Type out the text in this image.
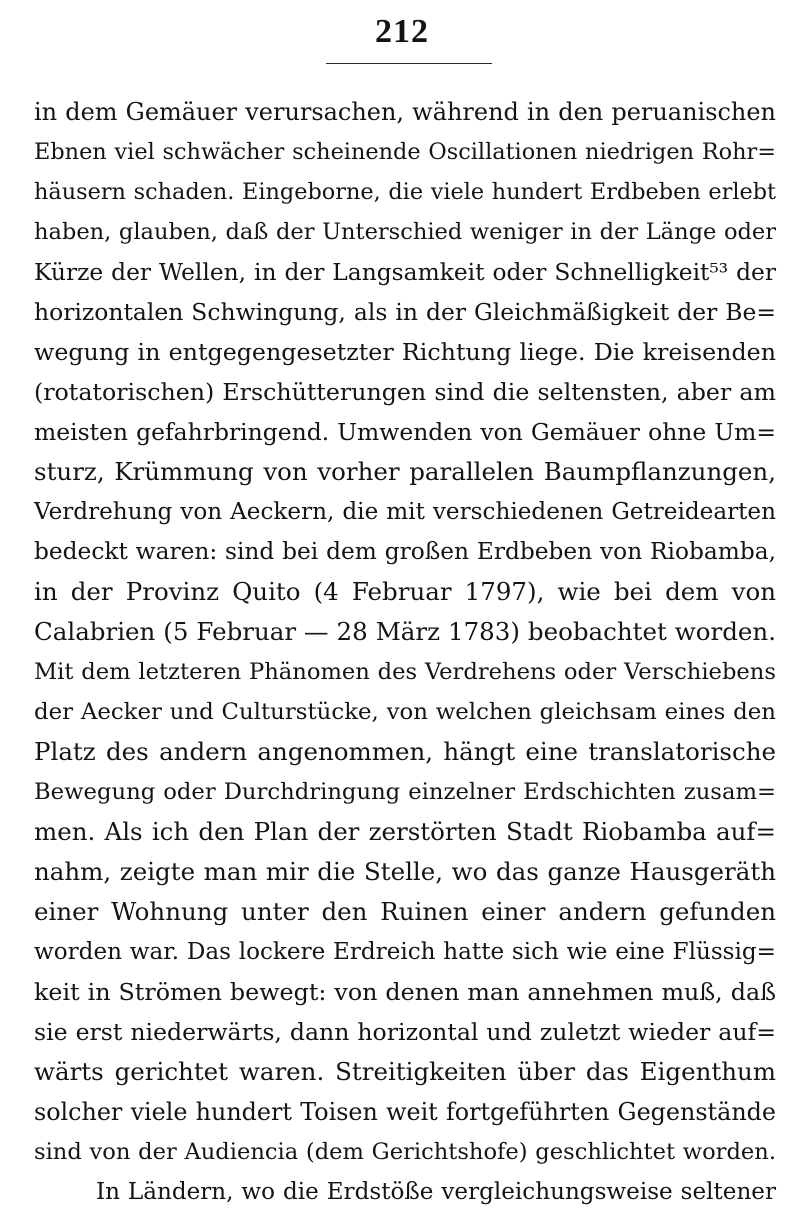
212
in dem Gemäuer verursachen, während in den peruanischen
Ebnen viel schwächer scheinende Oscillationen niedrigen Rohr=
häusern schaden. Eingeborne, die viele hundert Erdbeben erlebt
haben, glauben, daß der Unterschied weniger in der Länge oder
Kürze der Wellen, in der Langsamkeit oder Schnelligkeit⁵³ der
horizontalen Schwingung, als in der Gleichmäßigkeit der Be=
wegung in entgegengesetzter Richtung liege. Die kreisenden
(rotatorischen) Erschütterungen sind die seltensten, aber am
meisten gefahrbringend. Umwenden von Gemäuer ohne Um=
sturz, Krümmung von vorher parallelen Baumpflanzungen,
Verdrehung von Aeckern, die mit verschiedenen Getreidearten
bedeckt waren: sind bei dem großen Erdbeben von Riobamba,
in der Provinz Quito (4 Februar 1797), wie bei dem von
Calabrien (5 Februar — 28 März 1783) beobachtet worden.
Mit dem letzteren Phänomen des Verdrehens oder Verschiebens
der Aecker und Culturstücke, von welchen gleichsam eines den
Platz des andern angenommen, hängt eine translatorische
Bewegung oder Durchdringung einzelner Erdschichten zusam=
men. Als ich den Plan der zerstörten Stadt Riobamba auf=
nahm, zeigte man mir die Stelle, wo das ganze Hausgeräth
einer Wohnung unter den Ruinen einer andern gefunden
worden war. Das lockere Erdreich hatte sich wie eine Flüssig=
keit in Strömen bewegt: von denen man annehmen muß, daß
sie erst niederwärts, dann horizontal und zuletzt wieder auf=
wärts gerichtet waren. Streitigkeiten über das Eigenthum
solcher viele hundert Toisen weit fortgeführten Gegenstände
sind von der Audiencia (dem Gerichtshofe) geschlichtet worden.
In Ländern, wo die Erdstöße vergleichungsweise seltener
